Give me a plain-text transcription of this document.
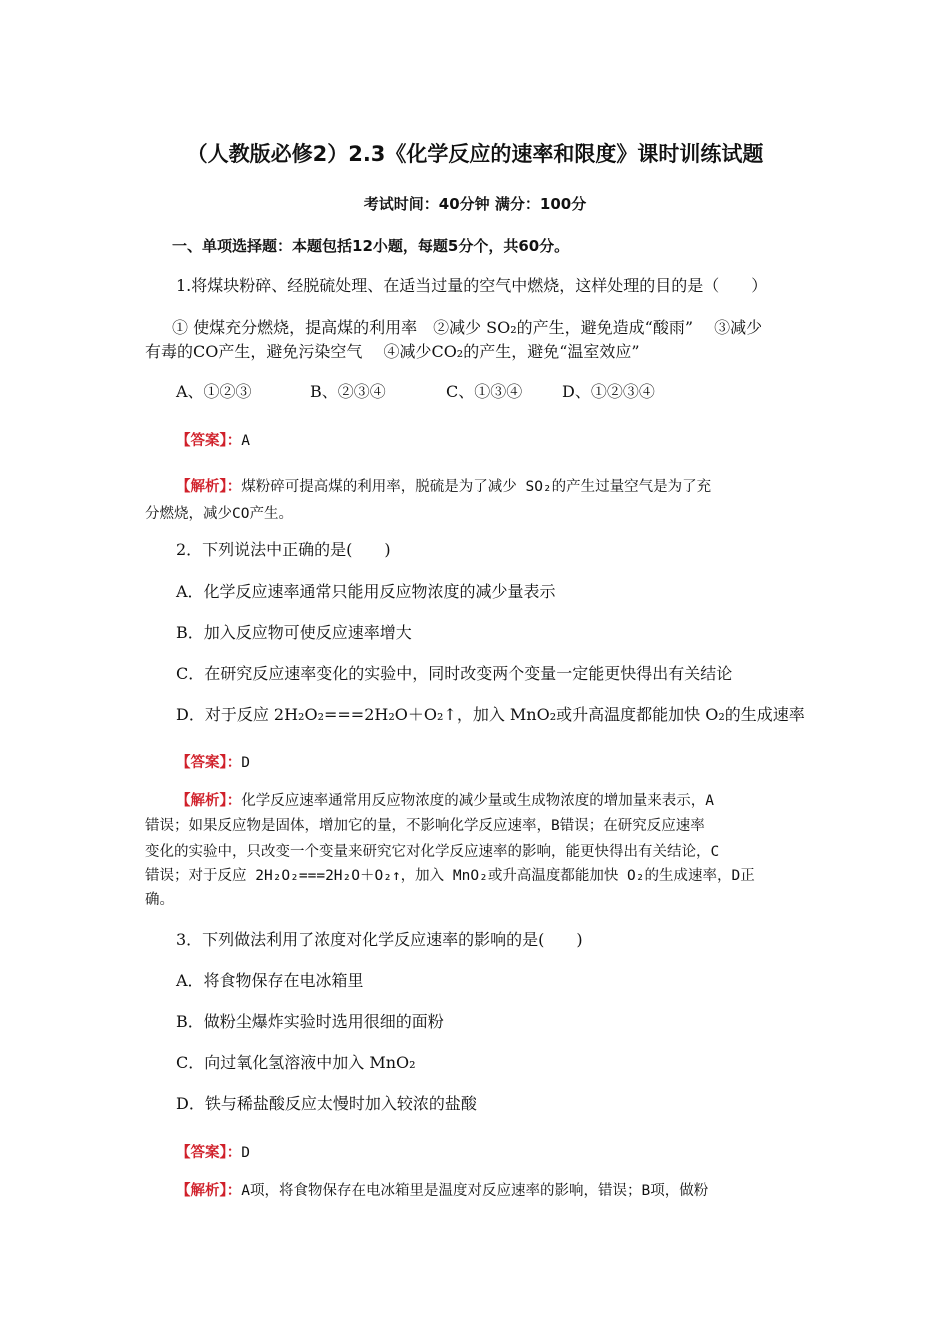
（人教版必修2）2.3《化学反应的速率和限度》课时训练试题
考试时间：40分钟 满分：100分
一、单项选择题：本题包括12小题，每题5分个，共60分。
1.将煤块粉碎、经脱硫处理、在适当过量的空气中燃烧，这样处理的目的是（　　）
① 使煤充分燃烧，提高煤的利用率　②减少 SO₂的产生，避免造成“酸雨”　 ③减少
有毒的CO产生，避免污染空气　 ④减少CO₂的产生，避免“温室效应”
A、①②③	B、②③④	C、①③④ D、①②③④
【答案】：A
【解析】：煤粉碎可提高煤的利用率，脱硫是为了减少 SO₂的产生过量空气是为了充
分燃烧，减少CO产生。
2．下列说法中正确的是(　　)
A．化学反应速率通常只能用反应物浓度的减少量表示
B．加入反应物可使反应速率增大
C．在研究反应速率变化的实验中，同时改变两个变量一定能更快得出有关结论
D．对于反应 2H₂O₂===2H₂O＋O₂↑，加入 MnO₂或升高温度都能加快 O₂的生成速率
【答案】：D
【解析】：化学反应速率通常用反应物浓度的减少量或生成物浓度的增加量来表示，A
错误；如果反应物是固体，增加它的量，不影响化学反应速率，B错误；在研究反应速率
变化的实验中，只改变一个变量来研究它对化学反应速率的影响，能更快得出有关结论，C
错误；对于反应 2H₂O₂===2H₂O＋O₂↑，加入 MnO₂或升高温度都能加快 O₂的生成速率，D正
确。
3．下列做法利用了浓度对化学反应速率的影响的是(　　)
A．将食物保存在电冰箱里
B．做粉尘爆炸实验时选用很细的面粉
C．向过氧化氢溶液中加入 MnO₂
D．铁与稀盐酸反应太慢时加入较浓的盐酸
【答案】：D
【解析】：A项，将食物保存在电冰箱里是温度对反应速率的影响，错误；B项，做粉
